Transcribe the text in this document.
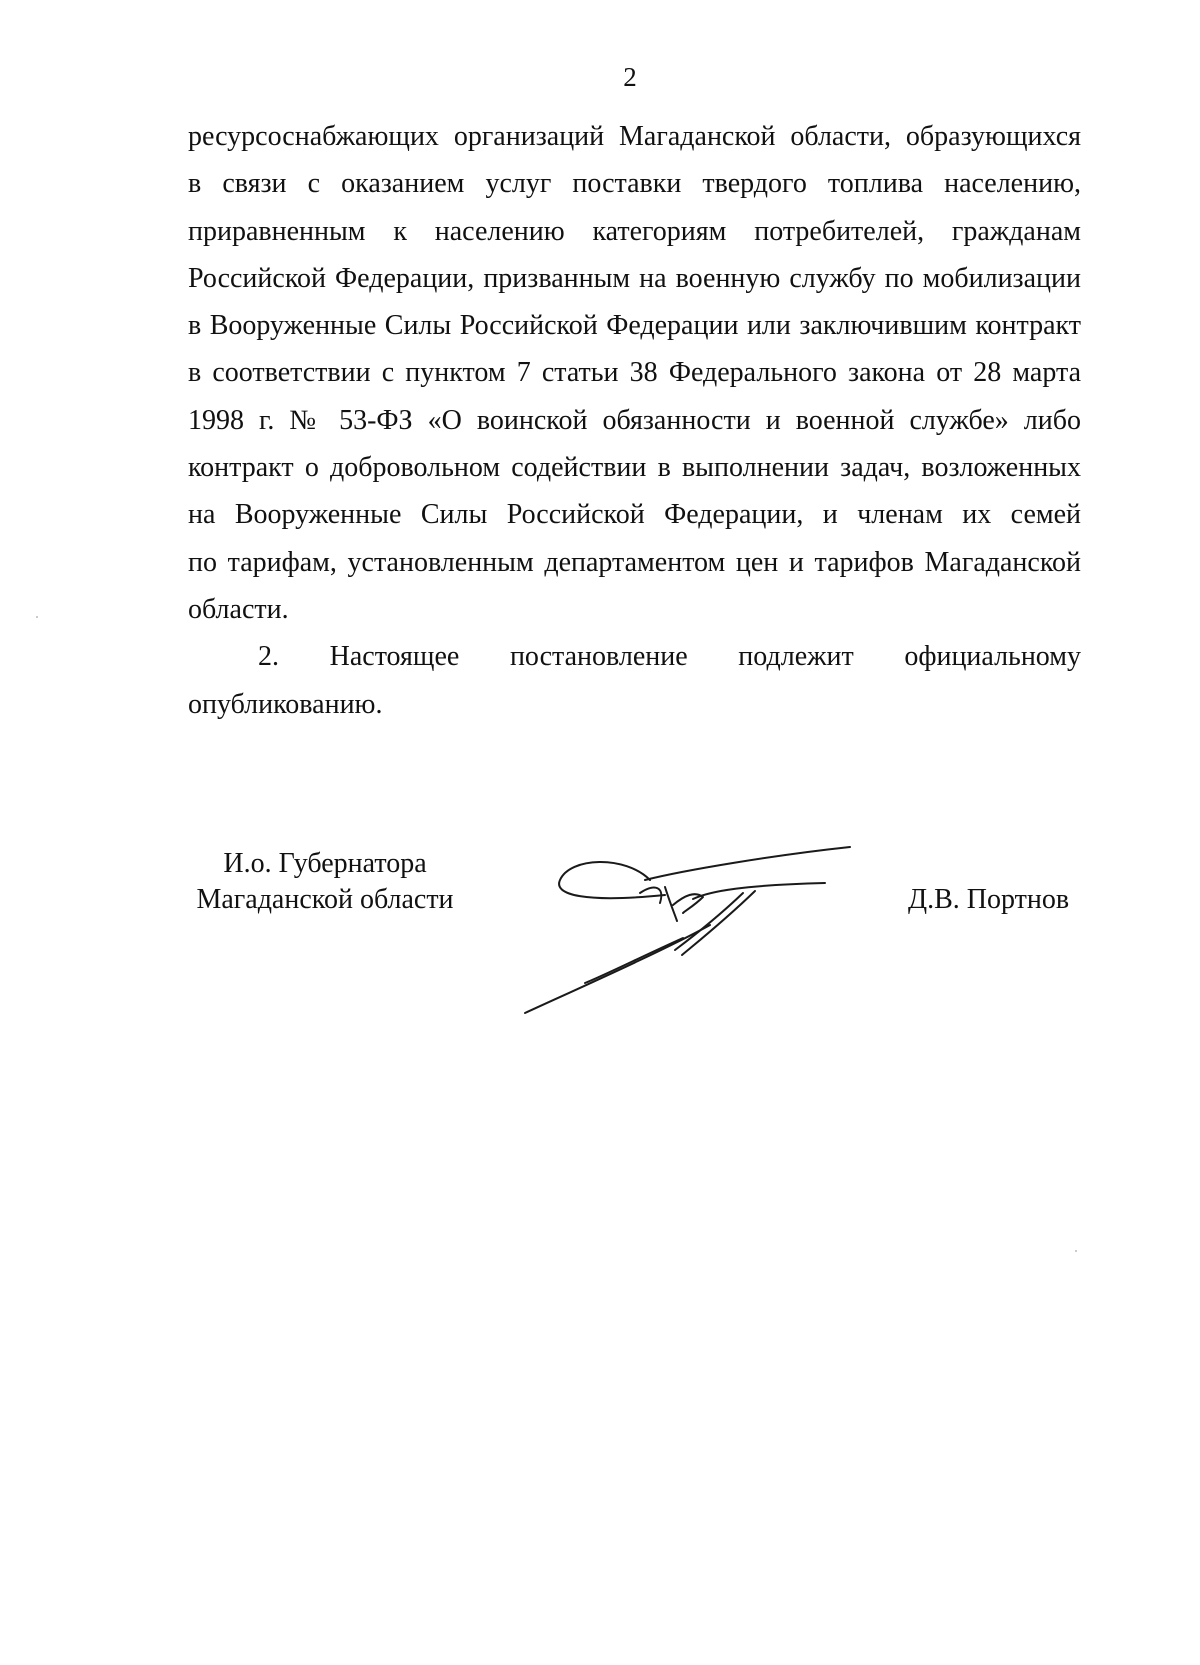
2
ресурсоснабжающих организаций Магаданской области, образующихся
в связи с оказанием услуг поставки твердого топлива населению,
приравненным к населению категориям потребителей, гражданам
Российской Федерации, призванным на военную службу по мобилизации
в Вооруженные Силы Российской Федерации или заключившим контракт
в соответствии с пунктом 7 статьи 38 Федерального закона от 28 марта
1998 г. № 53-ФЗ «О воинской обязанности и военной службе» либо
контракт о добровольном содействии в выполнении задач, возложенных
на Вооруженные Силы Российской Федерации, и членам их семей
по тарифам, установленным департаментом цен и тарифов Магаданской
области.
2. Настоящее постановление подлежит официальному
опубликованию.
И.о. Губернатора
Магаданской области	Д.В. Портнов
